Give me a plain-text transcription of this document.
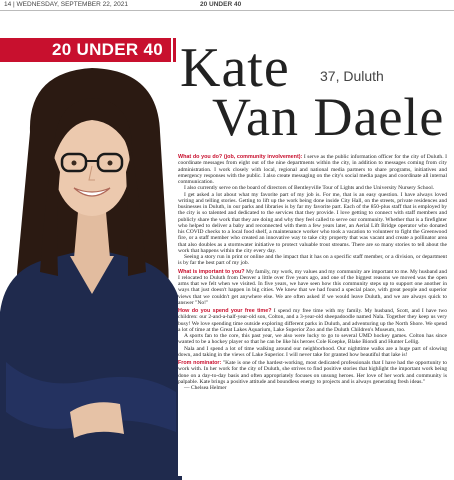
14 | WEDNESDAY, SEPTEMBER 22, 2021	20 UNDER 40
20 UNDER 40 Kate 37, Duluth
Van Daele

What do you do? (job, community involvement): I serve as the public information officer for the city of Duluth. I coordinate messages from eight out of the nine departments within the city, in addition to messages coming from city administration. I work closely with local, regional and national media partners to share programs, initiatives and emergency responses with the public. I also create messaging on the city's social media pages and coordinate all internal communication.

I also currently serve on the board of directors of Bentleyville Tour of Lights and the University Nursery School.

I get asked a lot about what my favorite part of my job is. For me, that is an easy question. I have always loved writing and telling stories. Getting to lift up the work being done inside City Hall, on the streets, private residences and businesses in Duluth, in our parks and libraries is by far my favorite part. Each of the 850-plus staff that is employed by the city is so talented and dedicated to the services that they provide. I love getting to connect with staff members and publicly share the work that they are doing and why they feel called to serve our community. Whether that is a firefighter who helped to deliver a baby and reconnected with them a few years later, an Aerial Lift Bridge operator who donated his COVID checks to a local food shelf, a maintenance worker who took a vacation to volunteer to fight the Greenwood fire, or a staff member who created an innovative way to take city property that was vacant and create a pollinator area that also doubles as a stormwater initiative to protect valuable trout streams. There are so many stories to tell about the work that happens within the city every day.

Seeing a story run in print or online and the impact that it has on a specific staff member, or a division, or department is by far the best part of my job.

What is important to you? My family, my work, my values and my community are important to me. My husband and I relocated to Duluth from Denver a little over five years ago, and one of the biggest reasons we moved was the open arms that we felt when we visited. In five years, we have seen how this community steps up to support one another in ways that just doesn't happen in big cities. We knew that we had found a special place, with great people and superior views that we couldn't get anywhere else. We are often asked if we would leave Duluth, and we are always quick to answer "No!"

How do you spend your free time? I spend my free time with my family. My husband, Scott, and I have two children: our 2-and-a-half-year-old son, Colton, and a 3-year-old sheepadoodle named Nala. Together they keep us very busy! We love spending time outside exploring different parks in Duluth, and adventuring up the North Shore. We spend a lot of time at the Great Lakes Aquarium, Lake Superior Zoo and the Duluth Children's Museum, too.

A sports fan to the core, this past year, we also were lucky to go to several UMD hockey games. Colton has since wanted to be a hockey player so that he can be like his heroes Cole Koepke, Blake Biondi and Hunter Lellig.

Nala and I spend a lot of time walking around our neighborhood. Our nighttime walks are a huge part of slowing down, and taking in the views of Lake Superior. I will never take for granted how beautiful that lake is!

From nominator: "Kate is one of the hardest-working, most dedicated professionals that I have had the opportunity to work with. In her work for the city of Duluth, she strives to find positive stories that highlight the important work being done on a day-to-day basis and often appropriately focuses on unsung heroes. Her love of her work and community is palpable. Kate brings a positive attitude and boundless energy to projects and is always generating fresh ideas."

— Chelsea Helmer
